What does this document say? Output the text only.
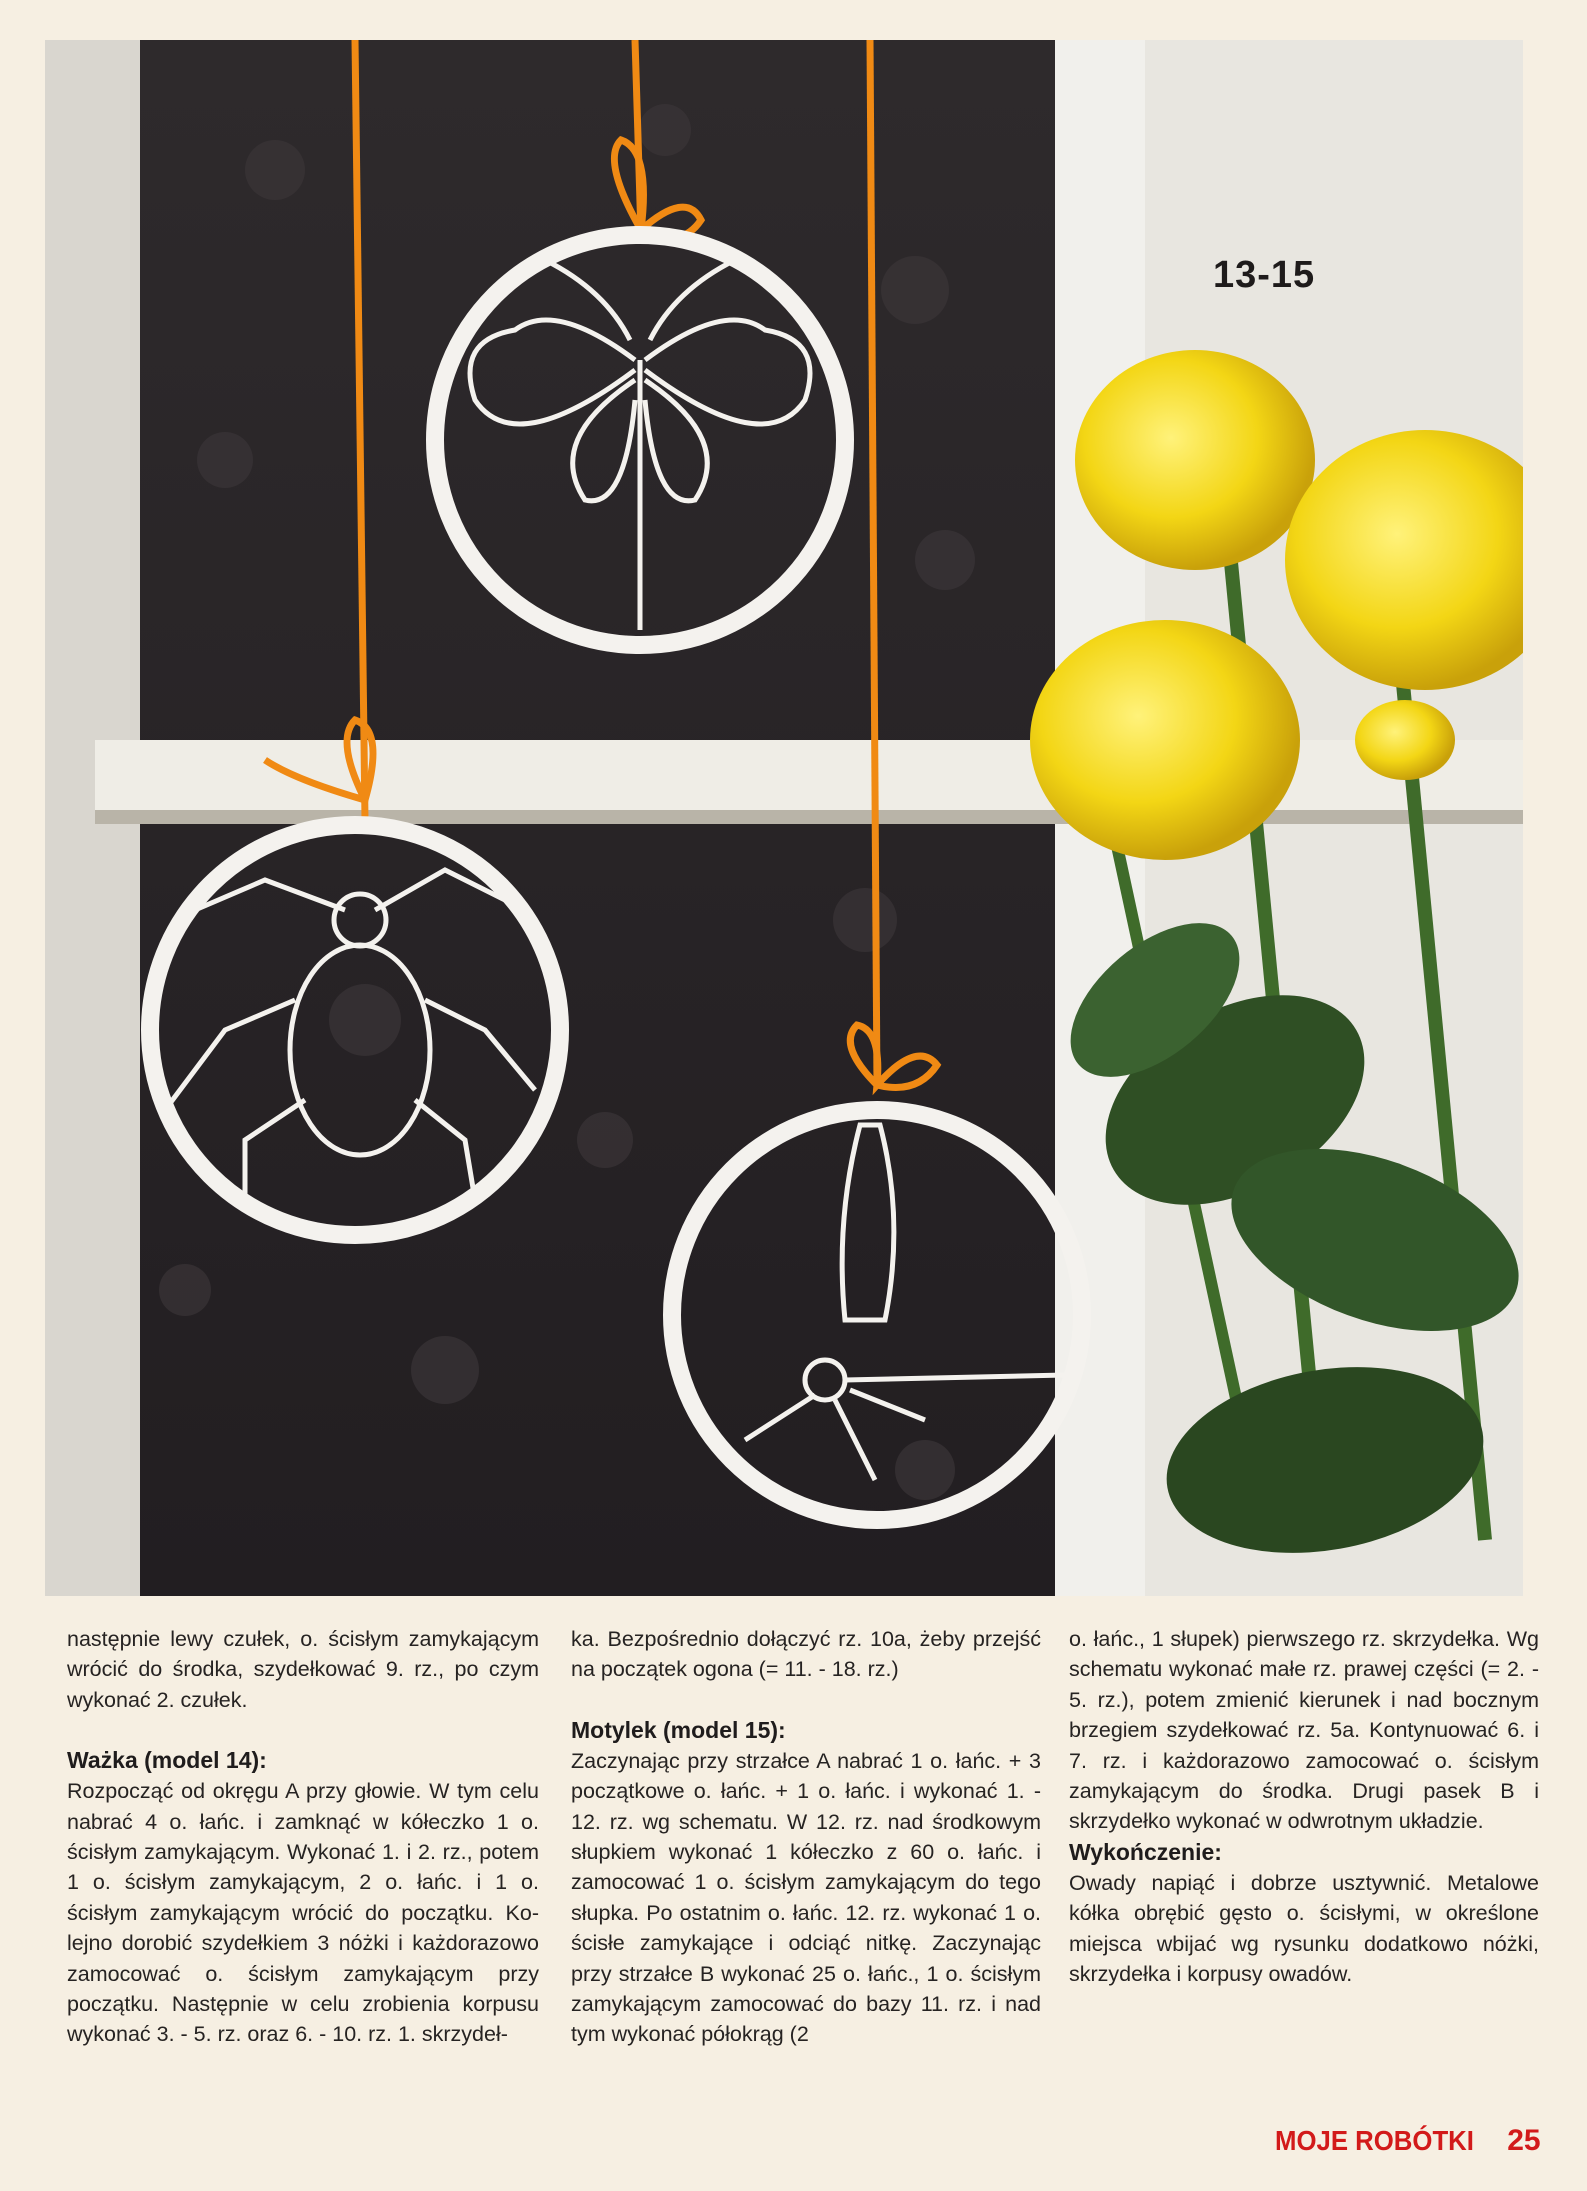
13-15

następnie lewy czułek, o. ścisłym zamykającym wrócić do środka, szydełkować 9. rz., po czym wykonać 2. czułek.

Ważka (model 14):

Rozpocząć od okręgu A przy głowie. W tym celu nabrać 4 o. łańc. i zamknąć w kółeczko 1 o. ścisłym zamykającym. Wykonać 1. i 2. rz., potem 1 o. ścisłym zamykającym, 2 o. łańc. i 1 o. ścisłym zamykającym wrócić do początku. Kolejno dorobić szydełkiem 3 nóżki i każdorazowo zamocować o. ścisłym zamykającym przy początku. Następnie w celu zrobienia korpusu wykonać 3. - 5. rz. oraz 6. - 10. rz. 1. skrzydeł-

ka. Bezpośrednio dołączyć rz. 10a, żeby przejść na początek ogona (= 11. - 18. rz.)

Motylek (model 15):

Zaczynając przy strzałce A nabrać 1 o. łańc. + 3 początkowe o. łańc. + 1 o. łańc. i wykonać 1. - 12. rz. wg schematu. W 12. rz. nad środkowym słupkiem wykonać 1 kółeczko z 60 o. łańc. i zamocować 1 o. ścisłym zamykającym do tego słupka. Po ostatnim o. łańc. 12. rz. wykonać 1 o. ścisłe zamykające i odciąć nitkę. Zaczynając przy strzałce B wykonać 25 o. łańc., 1 o. ścisłym zamykającym zamocować do bazy 11. rz. i nad tym wykonać półokrąg (2

o. łańc., 1 słupek) pierwszego rz. skrzydełka. Wg schematu wykonać małe rz. prawej części (= 2. - 5. rz.), potem zmienić kierunek i nad bocznym brzegiem szydełkować rz. 5a. Kontynuować 6. i 7. rz. i każdorazowo zamocować o. ścisłym zamykającym do środka. Drugi pasek B i skrzydełko wykonać w odwrotnym układzie.

Wykończenie:

Owady napiąć i dobrze usztywnić. Metalowe kółka obrębić gęsto o. ścisłymi, w określone miejsca wbijać wg rysunku dodatkowo nóżki, skrzydełka i korpusy owadów.

MOJE ROBÓTKI 25
